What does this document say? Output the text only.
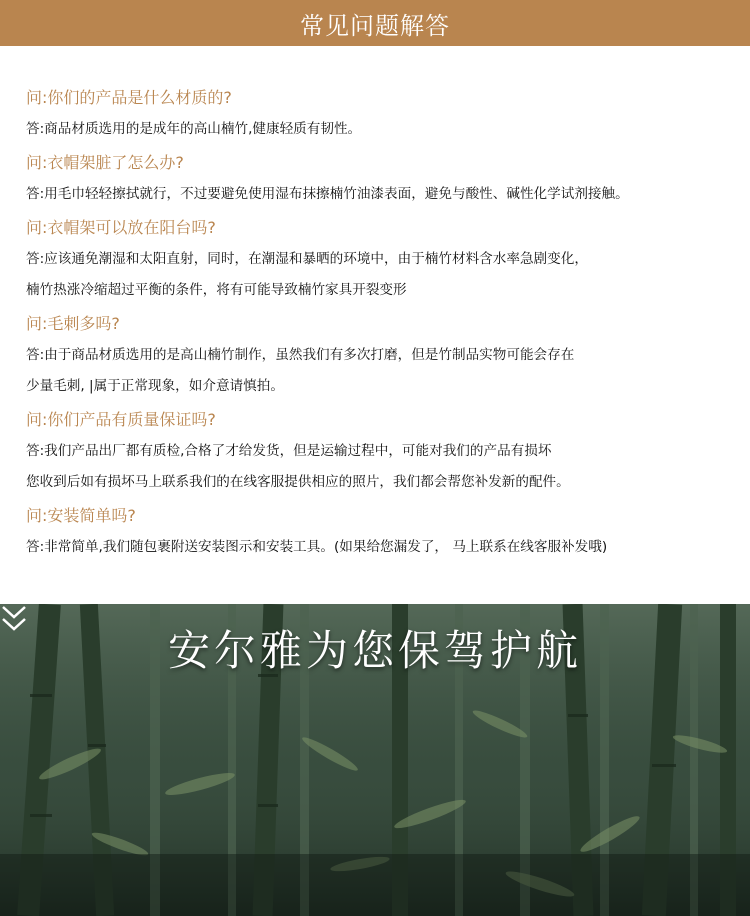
常见问题解答

问:你们的产品是什么材质的?

答:商品材质选用的是成年的高山楠竹,健康轻质有韧性。

问:衣帽架脏了怎么办?

答:用毛巾轻轻擦拭就行，不过要避免使用湿布抹擦楠竹油漆表面，避免与酸性、碱性化学试剂接触。

问:衣帽架可以放在阳台吗?

答:应该通免潮湿和太阳直射，同时，在潮湿和暴晒的环境中，由于楠竹材料含水率急剧变化，

楠竹热涨冷缩超过平衡的条件，将有可能导致楠竹家具开裂变形

问:毛刺多吗?

答:由于商品材质选用的是高山楠竹制作，虽然我们有多次打磨，但是竹制品实物可能会存在

少量毛刺, |属于正常现象，如介意请慎拍。

问:你们产品有质量保证吗?

答:我们产品出厂都有质检,合格了才给发货，但是运输过程中，可能对我们的产品有损坏

您收到后如有损坏马上联系我们的在线客服提供相应的照片，我们都会帮您补发新的配件。

问:安装简单吗?

答:非常简单,我们随包裹附送安装图示和安装工具。(如果给您漏发了， 马上联系在线客服补发哦)

安尔雅为您保驾护航
